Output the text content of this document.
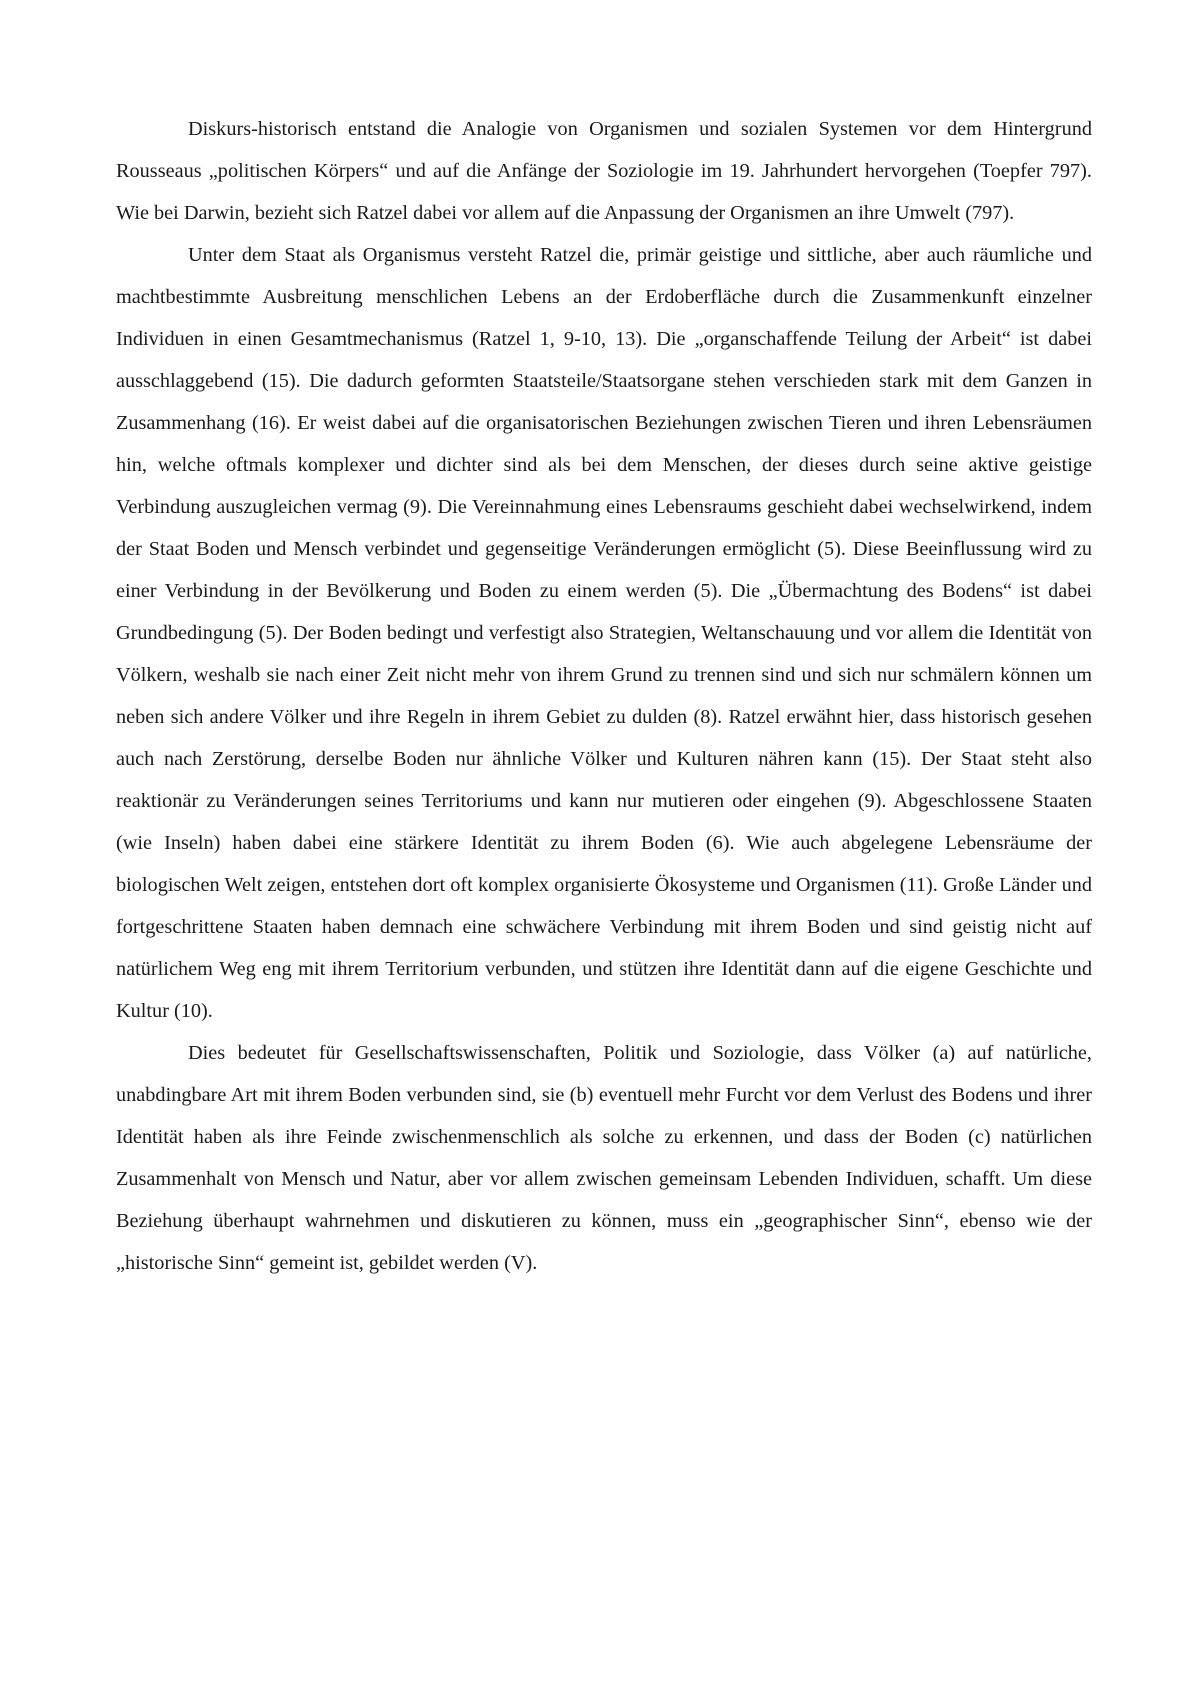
Diskurs-historisch entstand die Analogie von Organismen und sozialen Systemen vor dem Hintergrund Rousseaus „politischen Körpers“ und auf die Anfänge der Soziologie im 19. Jahrhundert hervorgehen (Toepfer 797). Wie bei Darwin, bezieht sich Ratzel dabei vor allem auf die Anpassung der Organismen an ihre Umwelt (797).

Unter dem Staat als Organismus versteht Ratzel die, primär geistige und sittliche, aber auch räumliche und machtbestimmte Ausbreitung menschlichen Lebens an der Erdoberfläche durch die Zusammenkunft einzelner Individuen in einen Gesamtmechanismus (Ratzel 1, 9-10, 13). Die „organschaffende Teilung der Arbeit“ ist dabei ausschlaggebend (15). Die dadurch geformten Staatsteile/Staatsorgane stehen verschieden stark mit dem Ganzen in Zusammenhang (16). Er weist dabei auf die organisatorischen Beziehungen zwischen Tieren und ihren Lebensräumen hin, welche oftmals komplexer und dichter sind als bei dem Menschen, der dieses durch seine aktive geistige Verbindung auszugleichen vermag (9). Die Vereinnahmung eines Lebensraums geschieht dabei wechselwirkend, indem der Staat Boden und Mensch verbindet und gegenseitige Veränderungen ermöglicht (5). Diese Beeinflussung wird zu einer Verbindung in der Bevölkerung und Boden zu einem werden (5). Die „Übermachtung des Bodens“ ist dabei Grundbedingung (5). Der Boden bedingt und verfestigt also Strategien, Weltanschauung und vor allem die Identität von Völkern, weshalb sie nach einer Zeit nicht mehr von ihrem Grund zu trennen sind und sich nur schmälern können um neben sich andere Völker und ihre Regeln in ihrem Gebiet zu dulden (8). Ratzel erwähnt hier, dass historisch gesehen auch nach Zerstörung, derselbe Boden nur ähnliche Völker und Kulturen nähren kann (15). Der Staat steht also reaktionär zu Veränderungen seines Territoriums und kann nur mutieren oder eingehen (9). Abgeschlossene Staaten (wie Inseln) haben dabei eine stärkere Identität zu ihrem Boden (6). Wie auch abgelegene Lebensräume der biologischen Welt zeigen, entstehen dort oft komplex organisierte Ökosysteme und Organismen (11). Große Länder und fortgeschrittene Staaten haben demnach eine schwächere Verbindung mit ihrem Boden und sind geistig nicht auf natürlichem Weg eng mit ihrem Territorium verbunden, und stützen ihre Identität dann auf die eigene Geschichte und Kultur (10).

Dies bedeutet für Gesellschaftswissenschaften, Politik und Soziologie, dass Völker (a) auf natürliche, unabdingbare Art mit ihrem Boden verbunden sind, sie (b) eventuell mehr Furcht vor dem Verlust des Bodens und ihrer Identität haben als ihre Feinde zwischenmenschlich als solche zu erkennen, und dass der Boden (c) natürlichen Zusammenhalt von Mensch und Natur, aber vor allem zwischen gemeinsam Lebenden Individuen, schafft. Um diese Beziehung überhaupt wahrnehmen und diskutieren zu können, muss ein „geographischer Sinn“, ebenso wie der „historische Sinn“ gemeint ist, gebildet werden (V).
